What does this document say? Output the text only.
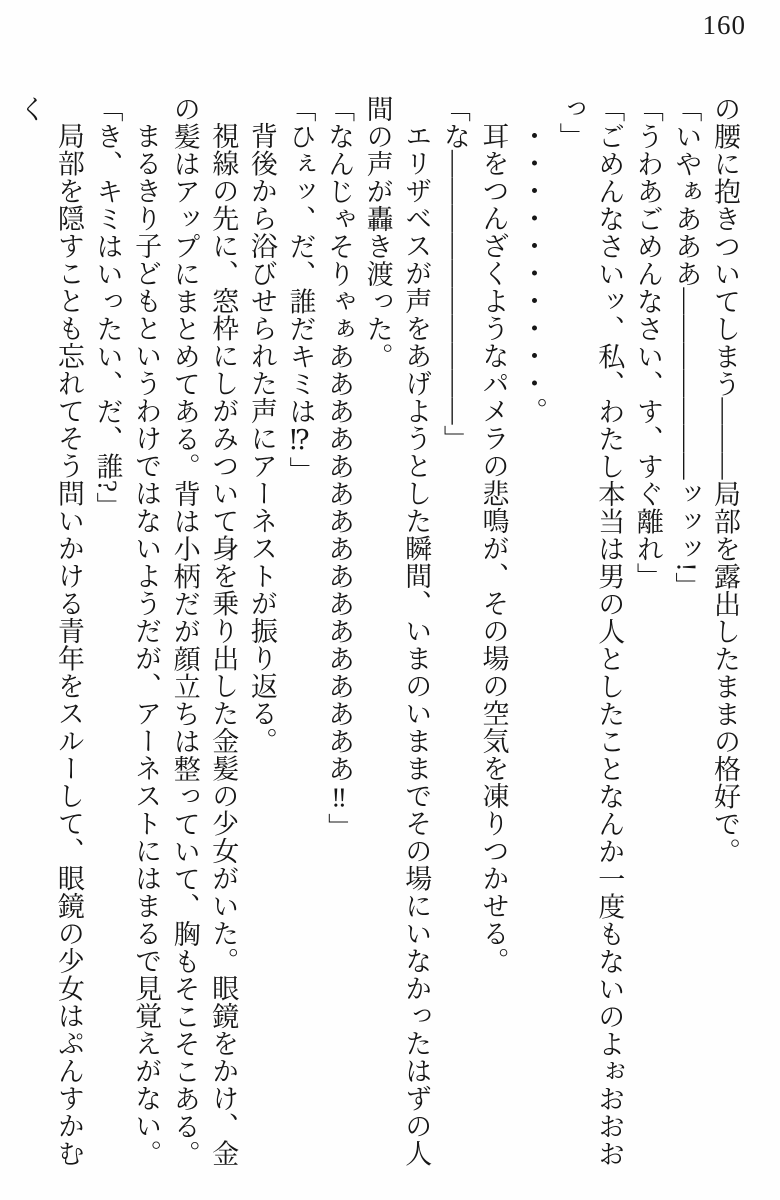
160

の腰に抱きついてしまう―――局部を露出したままの格好で。

「いやぁあああ―――――――ッッッ!」

「うわあごめんなさい、す、すぐ離れ」

「ごめんなさいッ、私、わたし本当は男の人としたことなんか一度もないのよぉおおおっ」

・・・・・・・・・・。

耳をつんざくようなパメラの悲鳴が、その場の空気を凍りつかせる。

「な――――――――――」

エリザベスが声をあげようとした瞬間、いまのいままでその場にいなかったはずの人間の声が轟き渡った。

「なんじゃそりゃぁああああああああああああああああ‼」

「ひぇッ、だ、誰だキミは⁉」

背後から浴びせられた声にアーネストが振り返る。

視線の先に、窓枠にしがみついて身を乗り出した金髪の少女がいた。眼鏡をかけ、金の髪はアップにまとめてある。背は小柄だが顔立ちは整っていて、胸もそこそこある。

まるきり子どもというわけではないようだが、アーネストにはまるで見覚えがない。

「き、キミはいったい、だ、誰?」

局部を隠すことも忘れてそう問いかける青年をスルーして、眼鏡の少女はぷんすかむく
